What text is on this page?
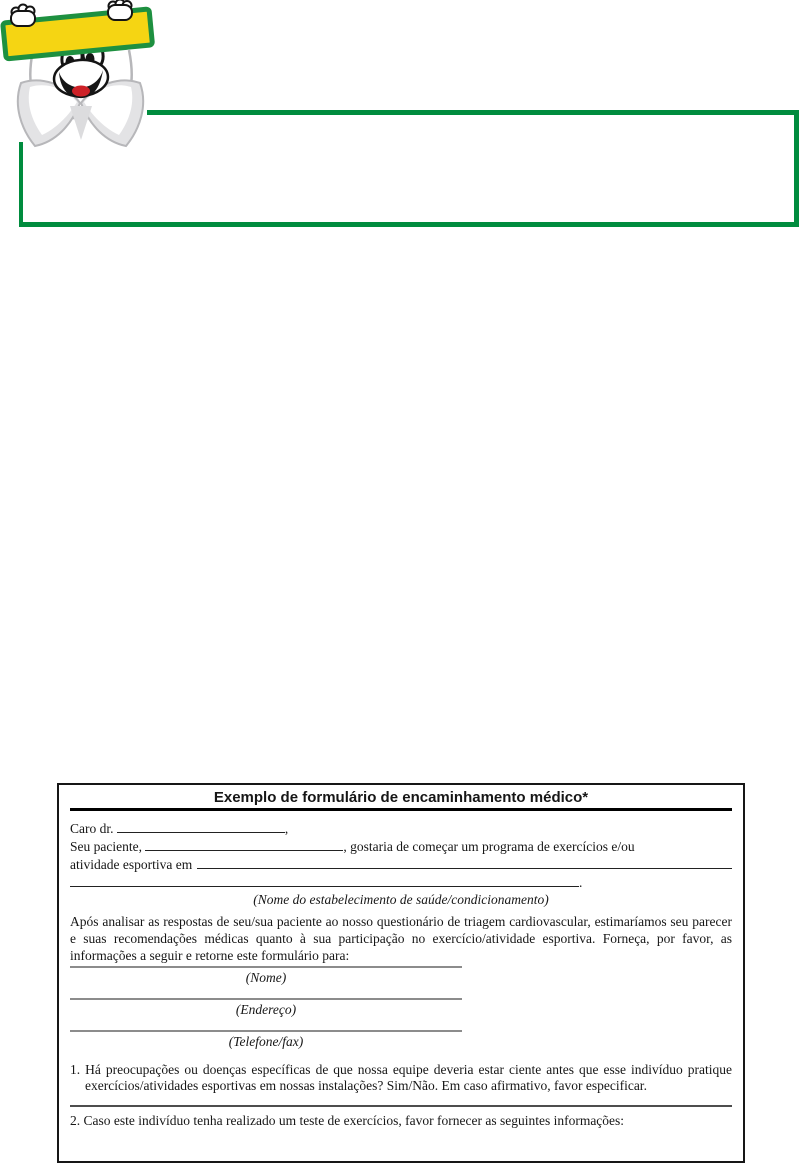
Exemplo de formulário de encaminhamento médico*
Caro dr.	,
Seu paciente,	, gostaria de começar um programa de exercícios e/ou
atividade esportiva em
.
(Nome do estabelecimento de saúde/condicionamento)
Após analisar as respostas de seu/sua paciente ao nosso questionário de triagem cardiovascular, estimaríamos seu parecer e suas recomendações médicas quanto à sua participação no exercício/atividade esportiva. Forneça, por favor, as informações a seguir e retorne este formulário para:
(Nome)
(Endereço)
(Telefone/fax)
1. Há preocupações ou doenças específicas de que nossa equipe deveria estar ciente antes que esse indivíduo pratique exercícios/atividades esportivas em nossas instalações? Sim/Não. Em caso afirmativo, favor especificar.
2. Caso este indivíduo tenha realizado um teste de exercícios, favor fornecer as seguintes informações:
